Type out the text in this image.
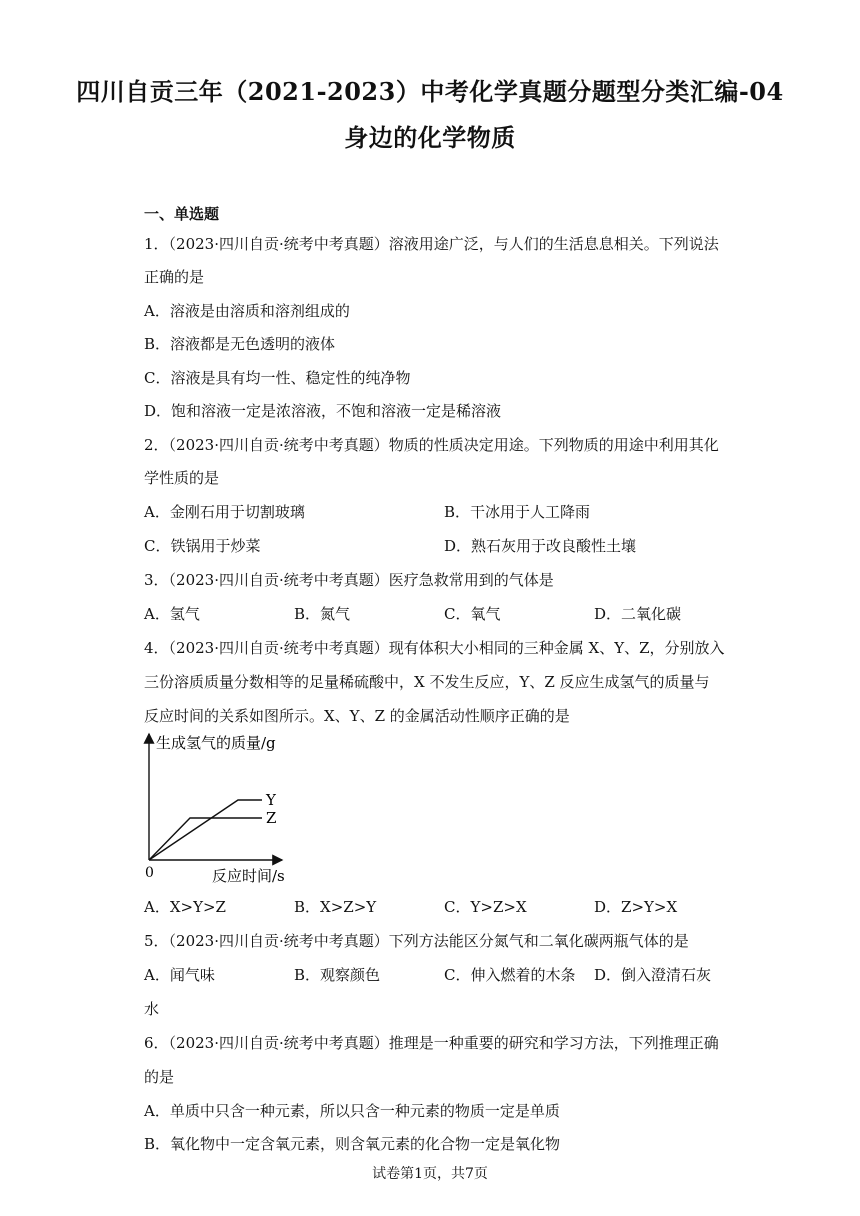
四川自贡三年（2021-2023）中考化学真题分题型分类汇编-04
身边的化学物质
一、单选题
1．（2023·四川自贡·统考中考真题）溶液用途广泛，与人们的生活息息相关。下列说法
正确的是
A．溶液是由溶质和溶剂组成的
B．溶液都是无色透明的液体
C．溶液是具有均一性、稳定性的纯净物
D．饱和溶液一定是浓溶液，不饱和溶液一定是稀溶液
2．（2023·四川自贡·统考中考真题）物质的性质决定用途。下列物质的用途中利用其化
学性质的是
A．金刚石用于切割玻璃	B．干冰用于人工降雨
C．铁锅用于炒菜	D．熟石灰用于改良酸性土壤
3．（2023·四川自贡·统考中考真题）医疗急救常用到的气体是
A．氢气	B．氮气	C．氧气	D．二氧化碳
4．（2023·四川自贡·统考中考真题）现有体积大小相同的三种金属 X、Y、Z，分别放入
三份溶质质量分数相等的足量稀硫酸中，X 不发生反应，Y、Z 反应生成氢气的质量与
反应时间的关系如图所示。X、Y、Z 的金属活动性顺序正确的是
生成氢气的质量/g
反应时间/s
0
Y
Z
A．X>Y>Z	B．X>Z>Y	C．Y>Z>X	D．Z>Y>X
5．（2023·四川自贡·统考中考真题）下列方法能区分氮气和二氧化碳两瓶气体的是
A．闻气味	B．观察颜色	C．伸入燃着的木条 D．倒入澄清石灰
水
6．（2023·四川自贡·统考中考真题）推理是一种重要的研究和学习方法，下列推理正确
的是
A．单质中只含一种元素，所以只含一种元素的物质一定是单质
B．氧化物中一定含氧元素，则含氧元素的化合物一定是氧化物
试卷第1页，共7页
